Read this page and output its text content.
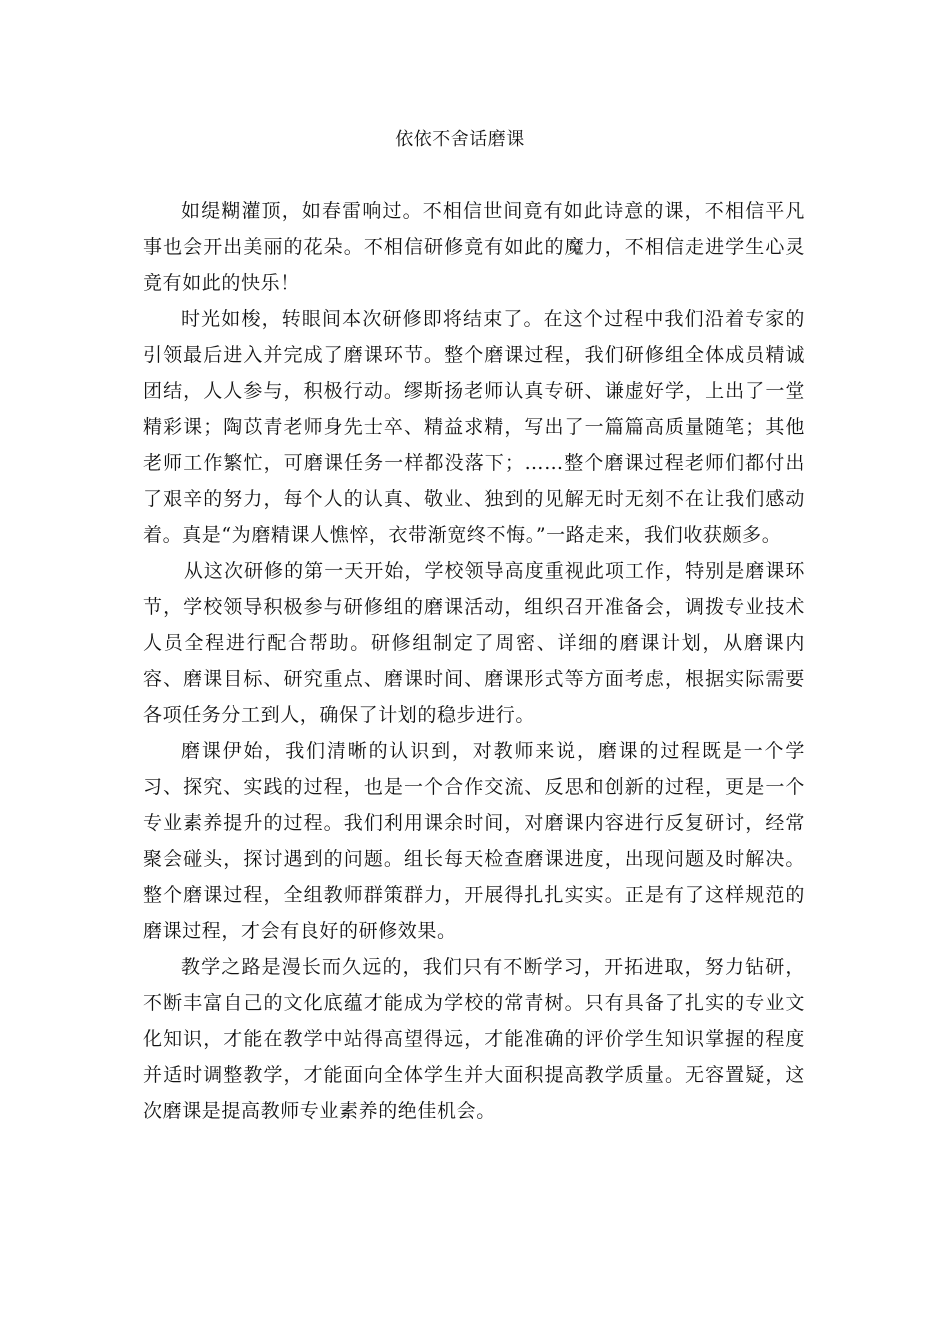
依依不舍话磨课

如缇糊灌顶，如春雷响过。不相信世间竟有如此诗意的课，不相信平凡事也会开出美丽的花朵。不相信研修竟有如此的魔力，不相信走进学生心灵竟有如此的快乐！

时光如梭，转眼间本次研修即将结束了。在这个过程中我们沿着专家的引领最后进入并完成了磨课环节。整个磨课过程，我们研修组全体成员精诚团结，人人参与，积极行动。缪斯扬老师认真专研、谦虚好学，上出了一堂精彩课；陶苡青老师身先士卒、精益求精，写出了一篇篇高质量随笔；其他老师工作繁忙，可磨课任务一样都没落下；……整个磨课过程老师们都付出了艰辛的努力，每个人的认真、敬业、独到的见解无时无刻不在让我们感动着。真是“为磨精课人憔悴，衣带渐宽终不悔。”一路走来，我们收获颇多。

从这次研修的第一天开始，学校领导高度重视此项工作，特别是磨课环节，学校领导积极参与研修组的磨课活动，组织召开准备会，调拨专业技术人员全程进行配合帮助。研修组制定了周密、详细的磨课计划，从磨课内容、磨课目标、研究重点、磨课时间、磨课形式等方面考虑，根据实际需要各项任务分工到人，确保了计划的稳步进行。

磨课伊始，我们清晰的认识到，对教师来说，磨课的过程既是一个学习、探究、实践的过程，也是一个合作交流、反思和创新的过程，更是一个专业素养提升的过程。我们利用课余时间，对磨课内容进行反复研讨，经常聚会碰头，探讨遇到的问题。组长每天检查磨课进度，出现问题及时解决。整个磨课过程，全组教师群策群力，开展得扎扎实实。正是有了这样规范的磨课过程，才会有良好的研修效果。

教学之路是漫长而久远的，我们只有不断学习，开拓进取，努力钻研，不断丰富自己的文化底蕴才能成为学校的常青树。只有具备了扎实的专业文化知识，才能在教学中站得高望得远，才能准确的评价学生知识掌握的程度并适时调整教学，才能面向全体学生并大面积提高教学质量。无容置疑，这次磨课是提高教师专业素养的绝佳机会。
